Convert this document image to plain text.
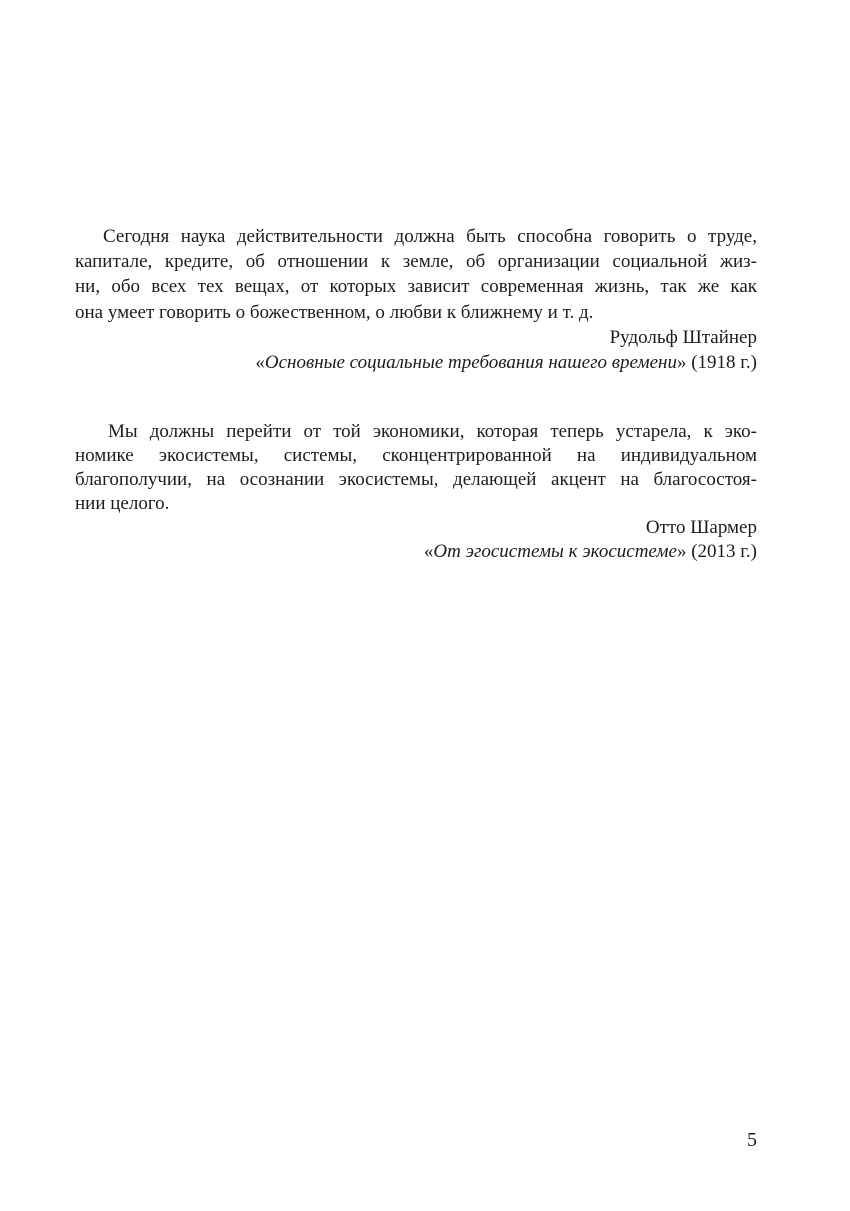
Сегодня наука действительности должна быть способна говорить о труде,
капитале, кредите, об отношении к земле, об организации социальной жиз-
ни, обо всех тех вещах, от которых зависит современная жизнь, так же как
она умеет говорить о божественном, о любви к ближнему и т. д.
Рудольф Штайнер
«Основные социальные требования нашего времени» (1918 г.)
Мы должны перейти от той экономики, которая теперь устарела, к эко-
номике экосистемы, системы, сконцентрированной на индивидуальном
благополучии, на осознании экосистемы, делающей акцент на благосостоя-
нии целого.
Отто Шармер
«От эгосистемы к экосистеме» (2013 г.)
5
